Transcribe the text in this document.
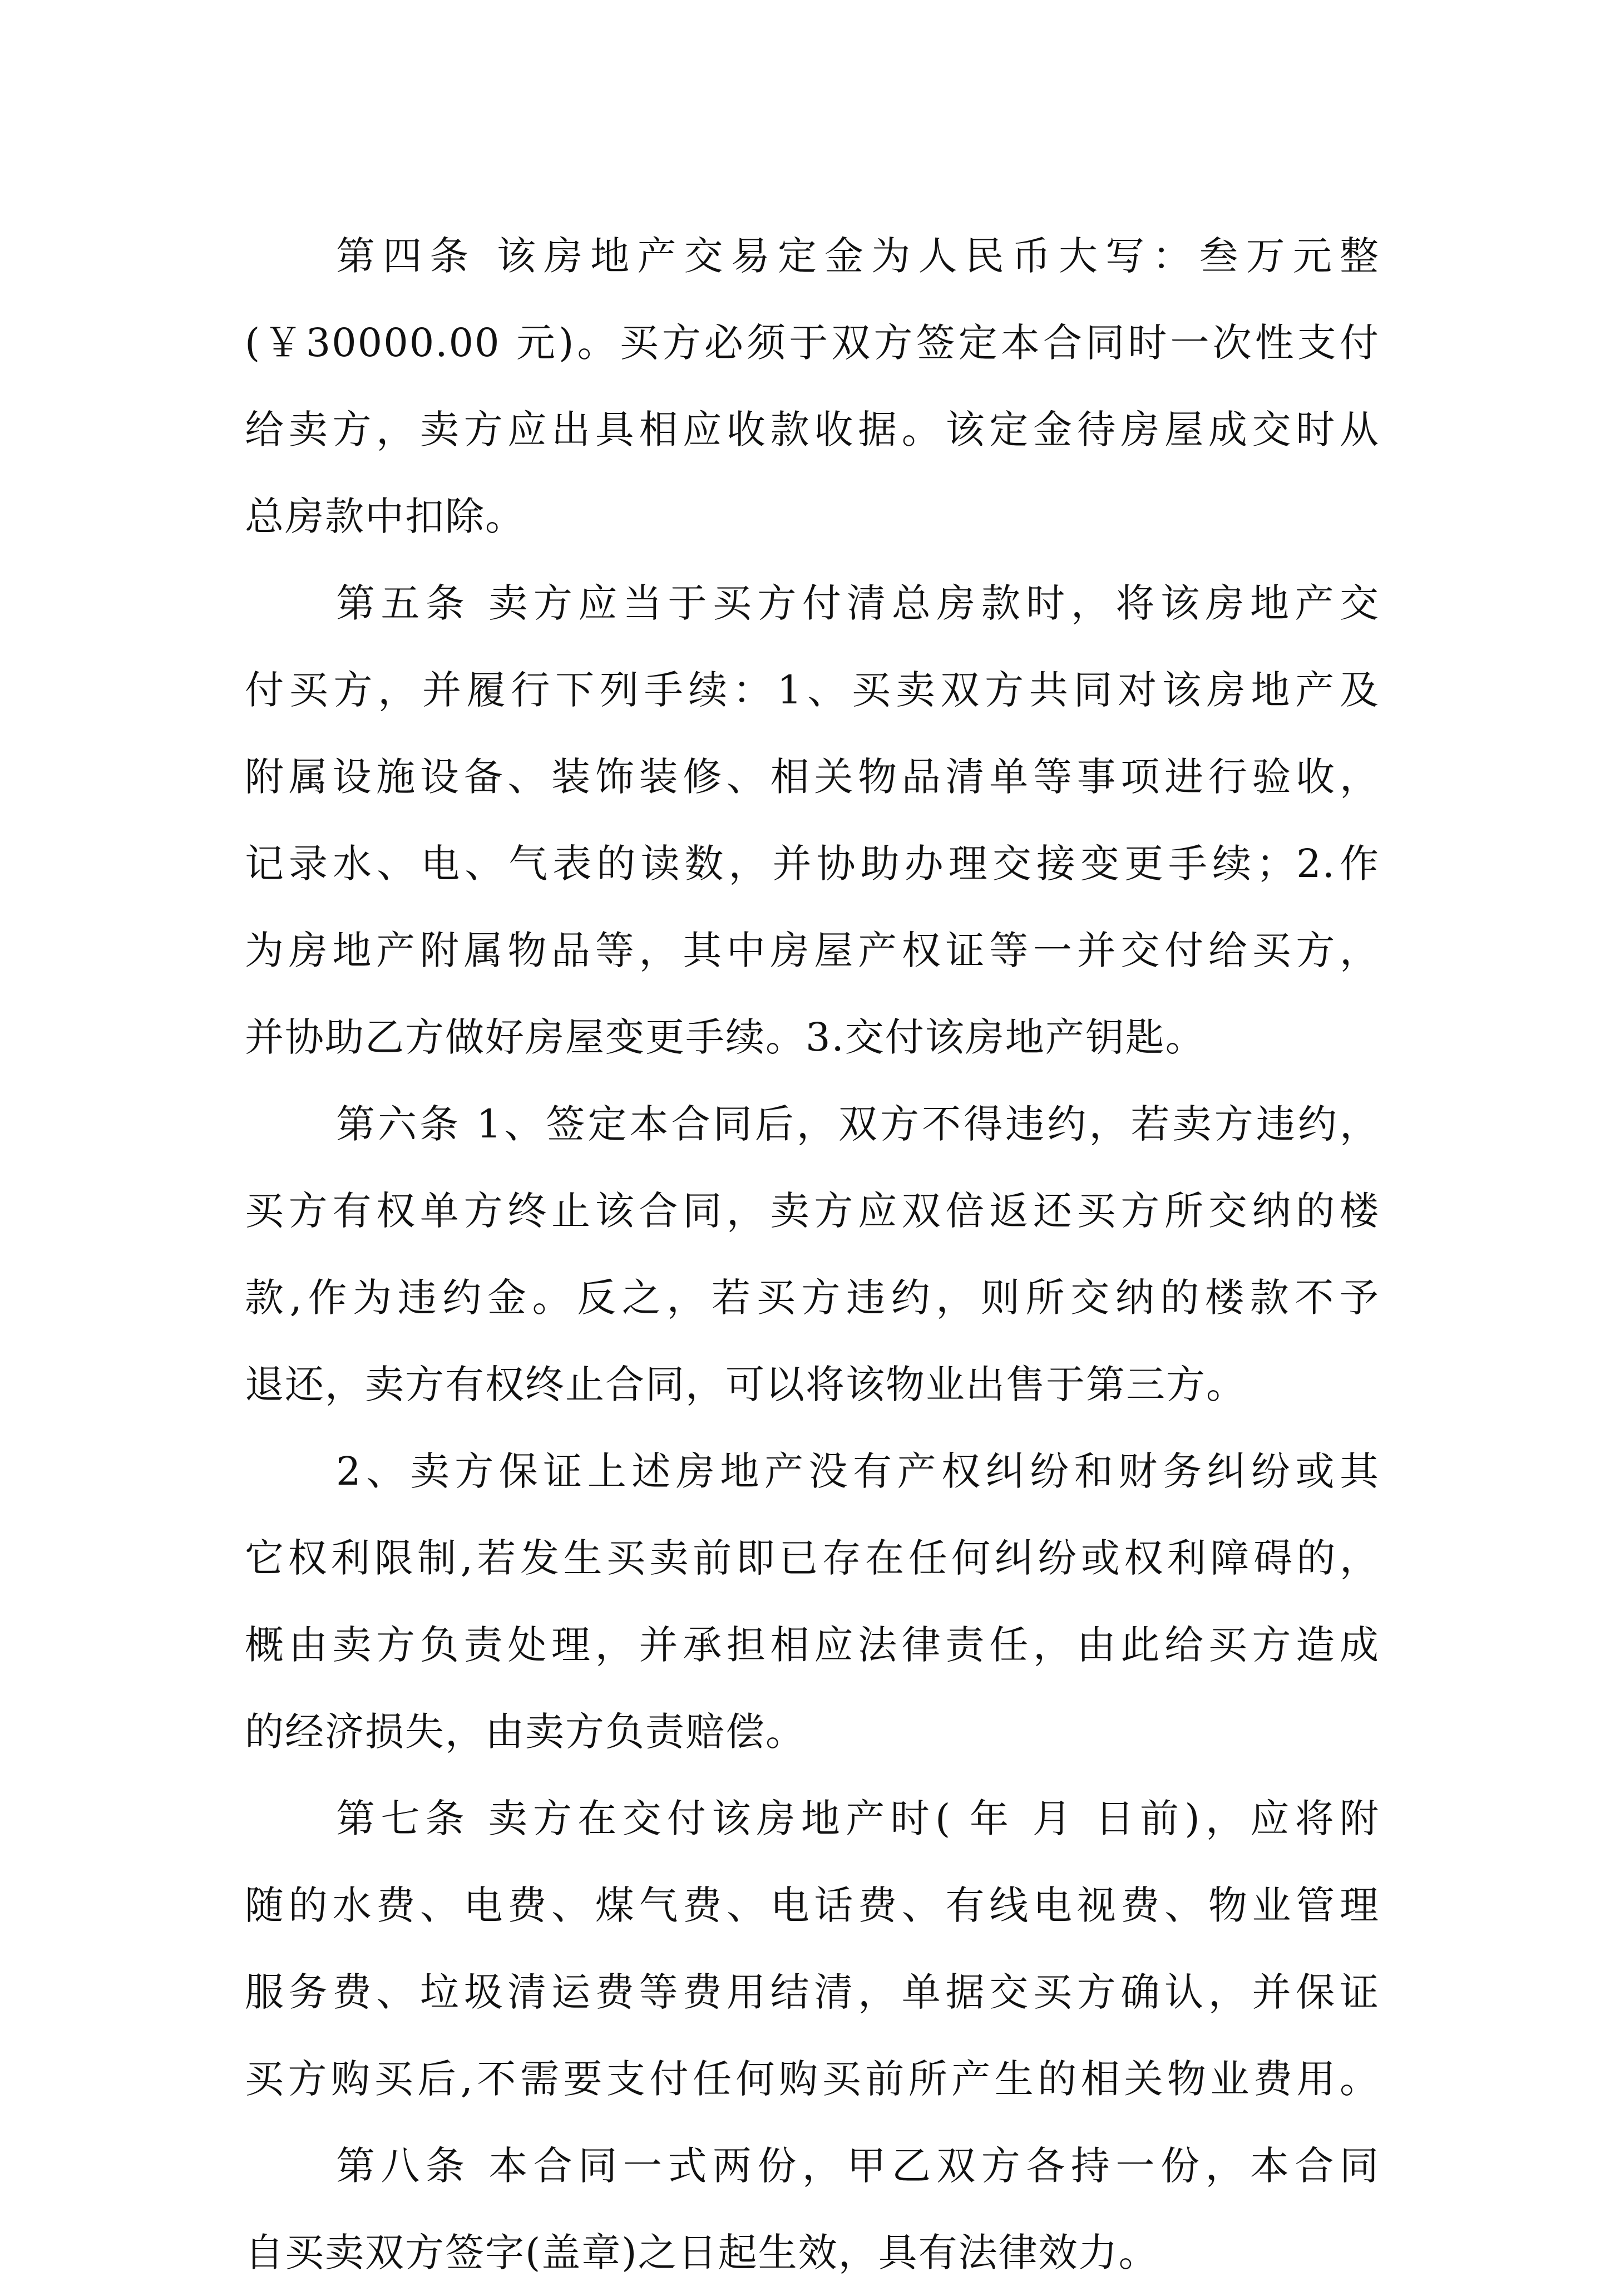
第四条 该房地产交易定金为人民币大写：叁万元整
(￥30000.00 元)。买方必须于双方签定本合同时一次性支付
给卖方，卖方应出具相应收款收据。该定金待房屋成交时从
总房款中扣除。
第五条 卖方应当于买方付清总房款时，将该房地产交
付买方，并履行下列手续：1、买卖双方共同对该房地产及
附属设施设备、装饰装修、相关物品清单等事项进行验收，
记录水、电、气表的读数，并协助办理交接变更手续；2.作
为房地产附属物品等，其中房屋产权证等一并交付给买方，
并协助乙方做好房屋变更手续。3.交付该房地产钥匙。
第六条 1、签定本合同后，双方不得违约，若卖方违约，
买方有权单方终止该合同，卖方应双倍返还买方所交纳的楼
款,作为违约金。反之，若买方违约，则所交纳的楼款不予
退还，卖方有权终止合同，可以将该物业出售于第三方。
2、卖方保证上述房地产没有产权纠纷和财务纠纷或其
它权利限制,若发生买卖前即已存在任何纠纷或权利障碍的，
概由卖方负责处理，并承担相应法律责任，由此给买方造成
的经济损失，由卖方负责赔偿。
第七条 卖方在交付该房地产时( 年 月 日前)，应将附
随的水费、电费、煤气费、电话费、有线电视费、物业管理
服务费、垃圾清运费等费用结清，单据交买方确认，并保证
买方购买后,不需要支付任何购买前所产生的相关物业费用。
第八条 本合同一式两份，甲乙双方各持一份，本合同
自买卖双方签字(盖章)之日起生效，具有法律效力。
